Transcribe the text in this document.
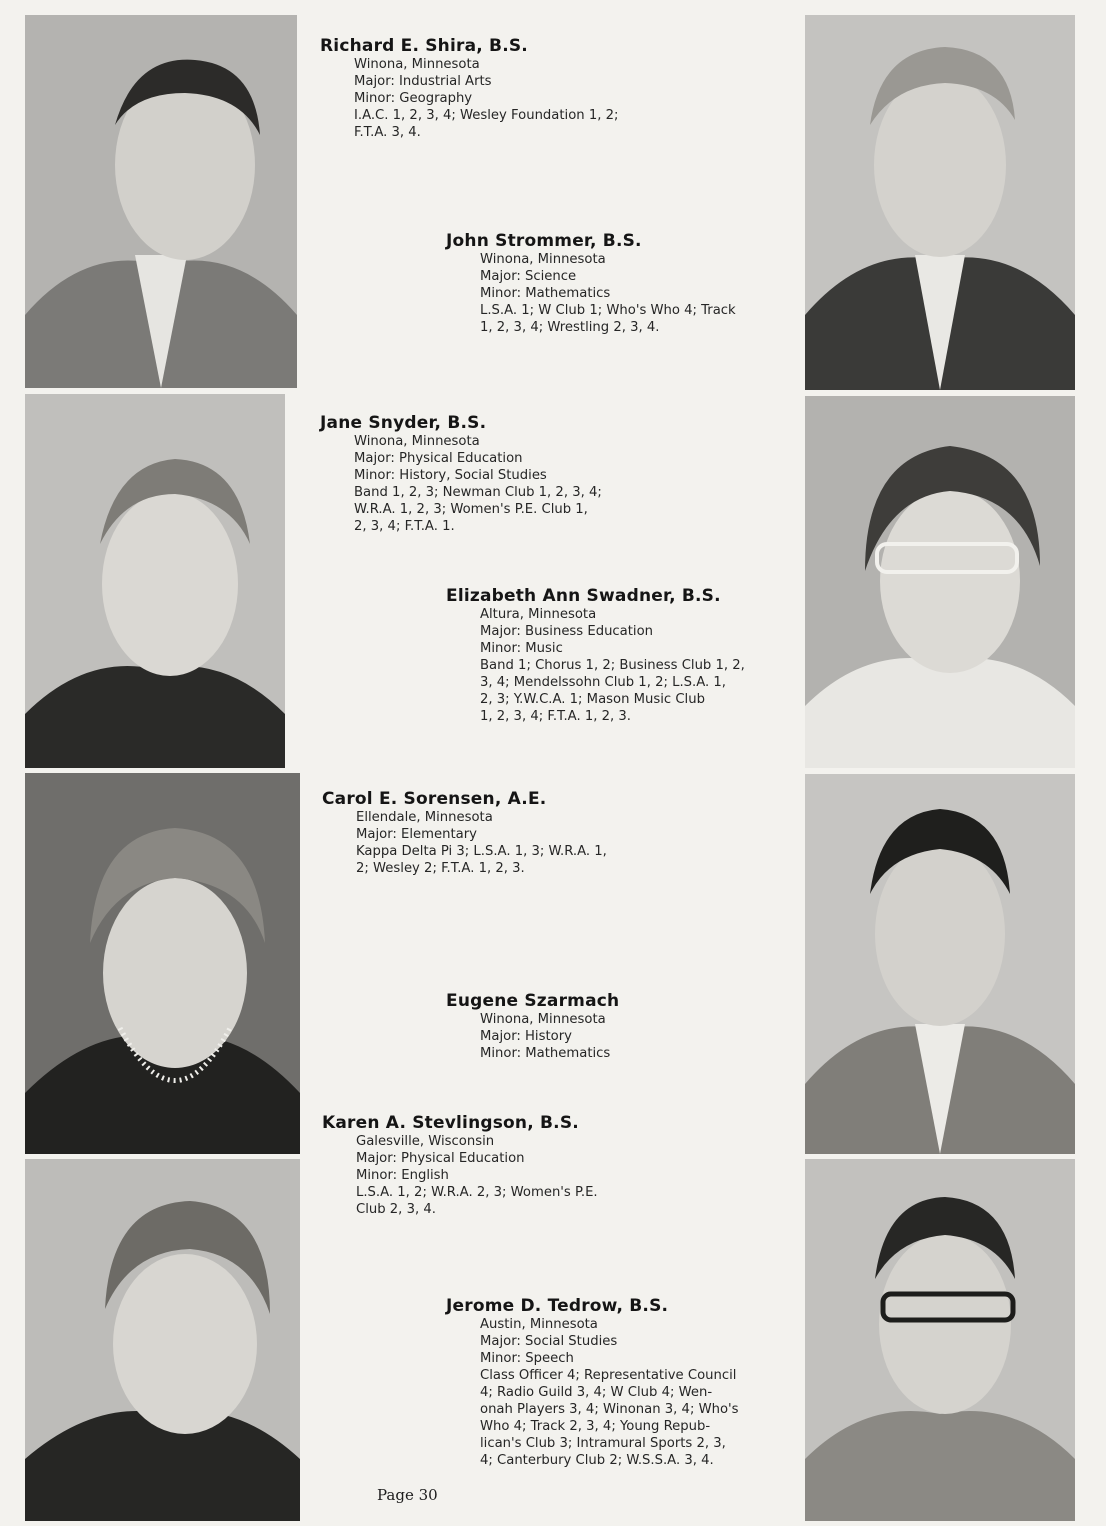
Richard E. Shira, B.S.
Winona, Minnesota
Major: Industrial Arts
Minor: Geography
I.A.C. 1, 2, 3, 4; Wesley Foundation 1, 2;
F.T.A. 3, 4.
John Strommer, B.S.
Winona, Minnesota
Major: Science
Minor: Mathematics
L.S.A. 1; W Club 1; Who's Who 4; Track
1, 2, 3, 4; Wrestling 2, 3, 4.
Jane Snyder, B.S.
Winona, Minnesota
Major: Physical Education
Minor: History, Social Studies
Band 1, 2, 3; Newman Club 1, 2, 3, 4;
W.R.A. 1, 2, 3; Women's P.E. Club 1,
2, 3, 4; F.T.A. 1.
Elizabeth Ann Swadner, B.S.
Altura, Minnesota
Major: Business Education
Minor: Music
Band 1; Chorus 1, 2; Business Club 1, 2,
3, 4; Mendelssohn Club 1, 2; L.S.A. 1,
2, 3; Y.W.C.A. 1; Mason Music Club
1, 2, 3, 4; F.T.A. 1, 2, 3.
Carol E. Sorensen, A.E.
Ellendale, Minnesota
Major: Elementary
Kappa Delta Pi 3; L.S.A. 1, 3; W.R.A. 1,
2; Wesley 2; F.T.A. 1, 2, 3.
Eugene Szarmach
Winona, Minnesota
Major: History
Minor: Mathematics
Karen A. Stevlingson, B.S.
Galesville, Wisconsin
Major: Physical Education
Minor: English
L.S.A. 1, 2; W.R.A. 2, 3; Women's P.E.
Club 2, 3, 4.
Jerome D. Tedrow, B.S.
Austin, Minnesota
Major: Social Studies
Minor: Speech
Class Officer 4; Representative Council
4; Radio Guild 3, 4; W Club 4; Wen-
onah Players 3, 4; Winonan 3, 4; Who's
Who 4; Track 2, 3, 4; Young Repub-
lican's Club 3; Intramural Sports 2, 3,
4; Canterbury Club 2; W.S.S.A. 3, 4.
Page 30
